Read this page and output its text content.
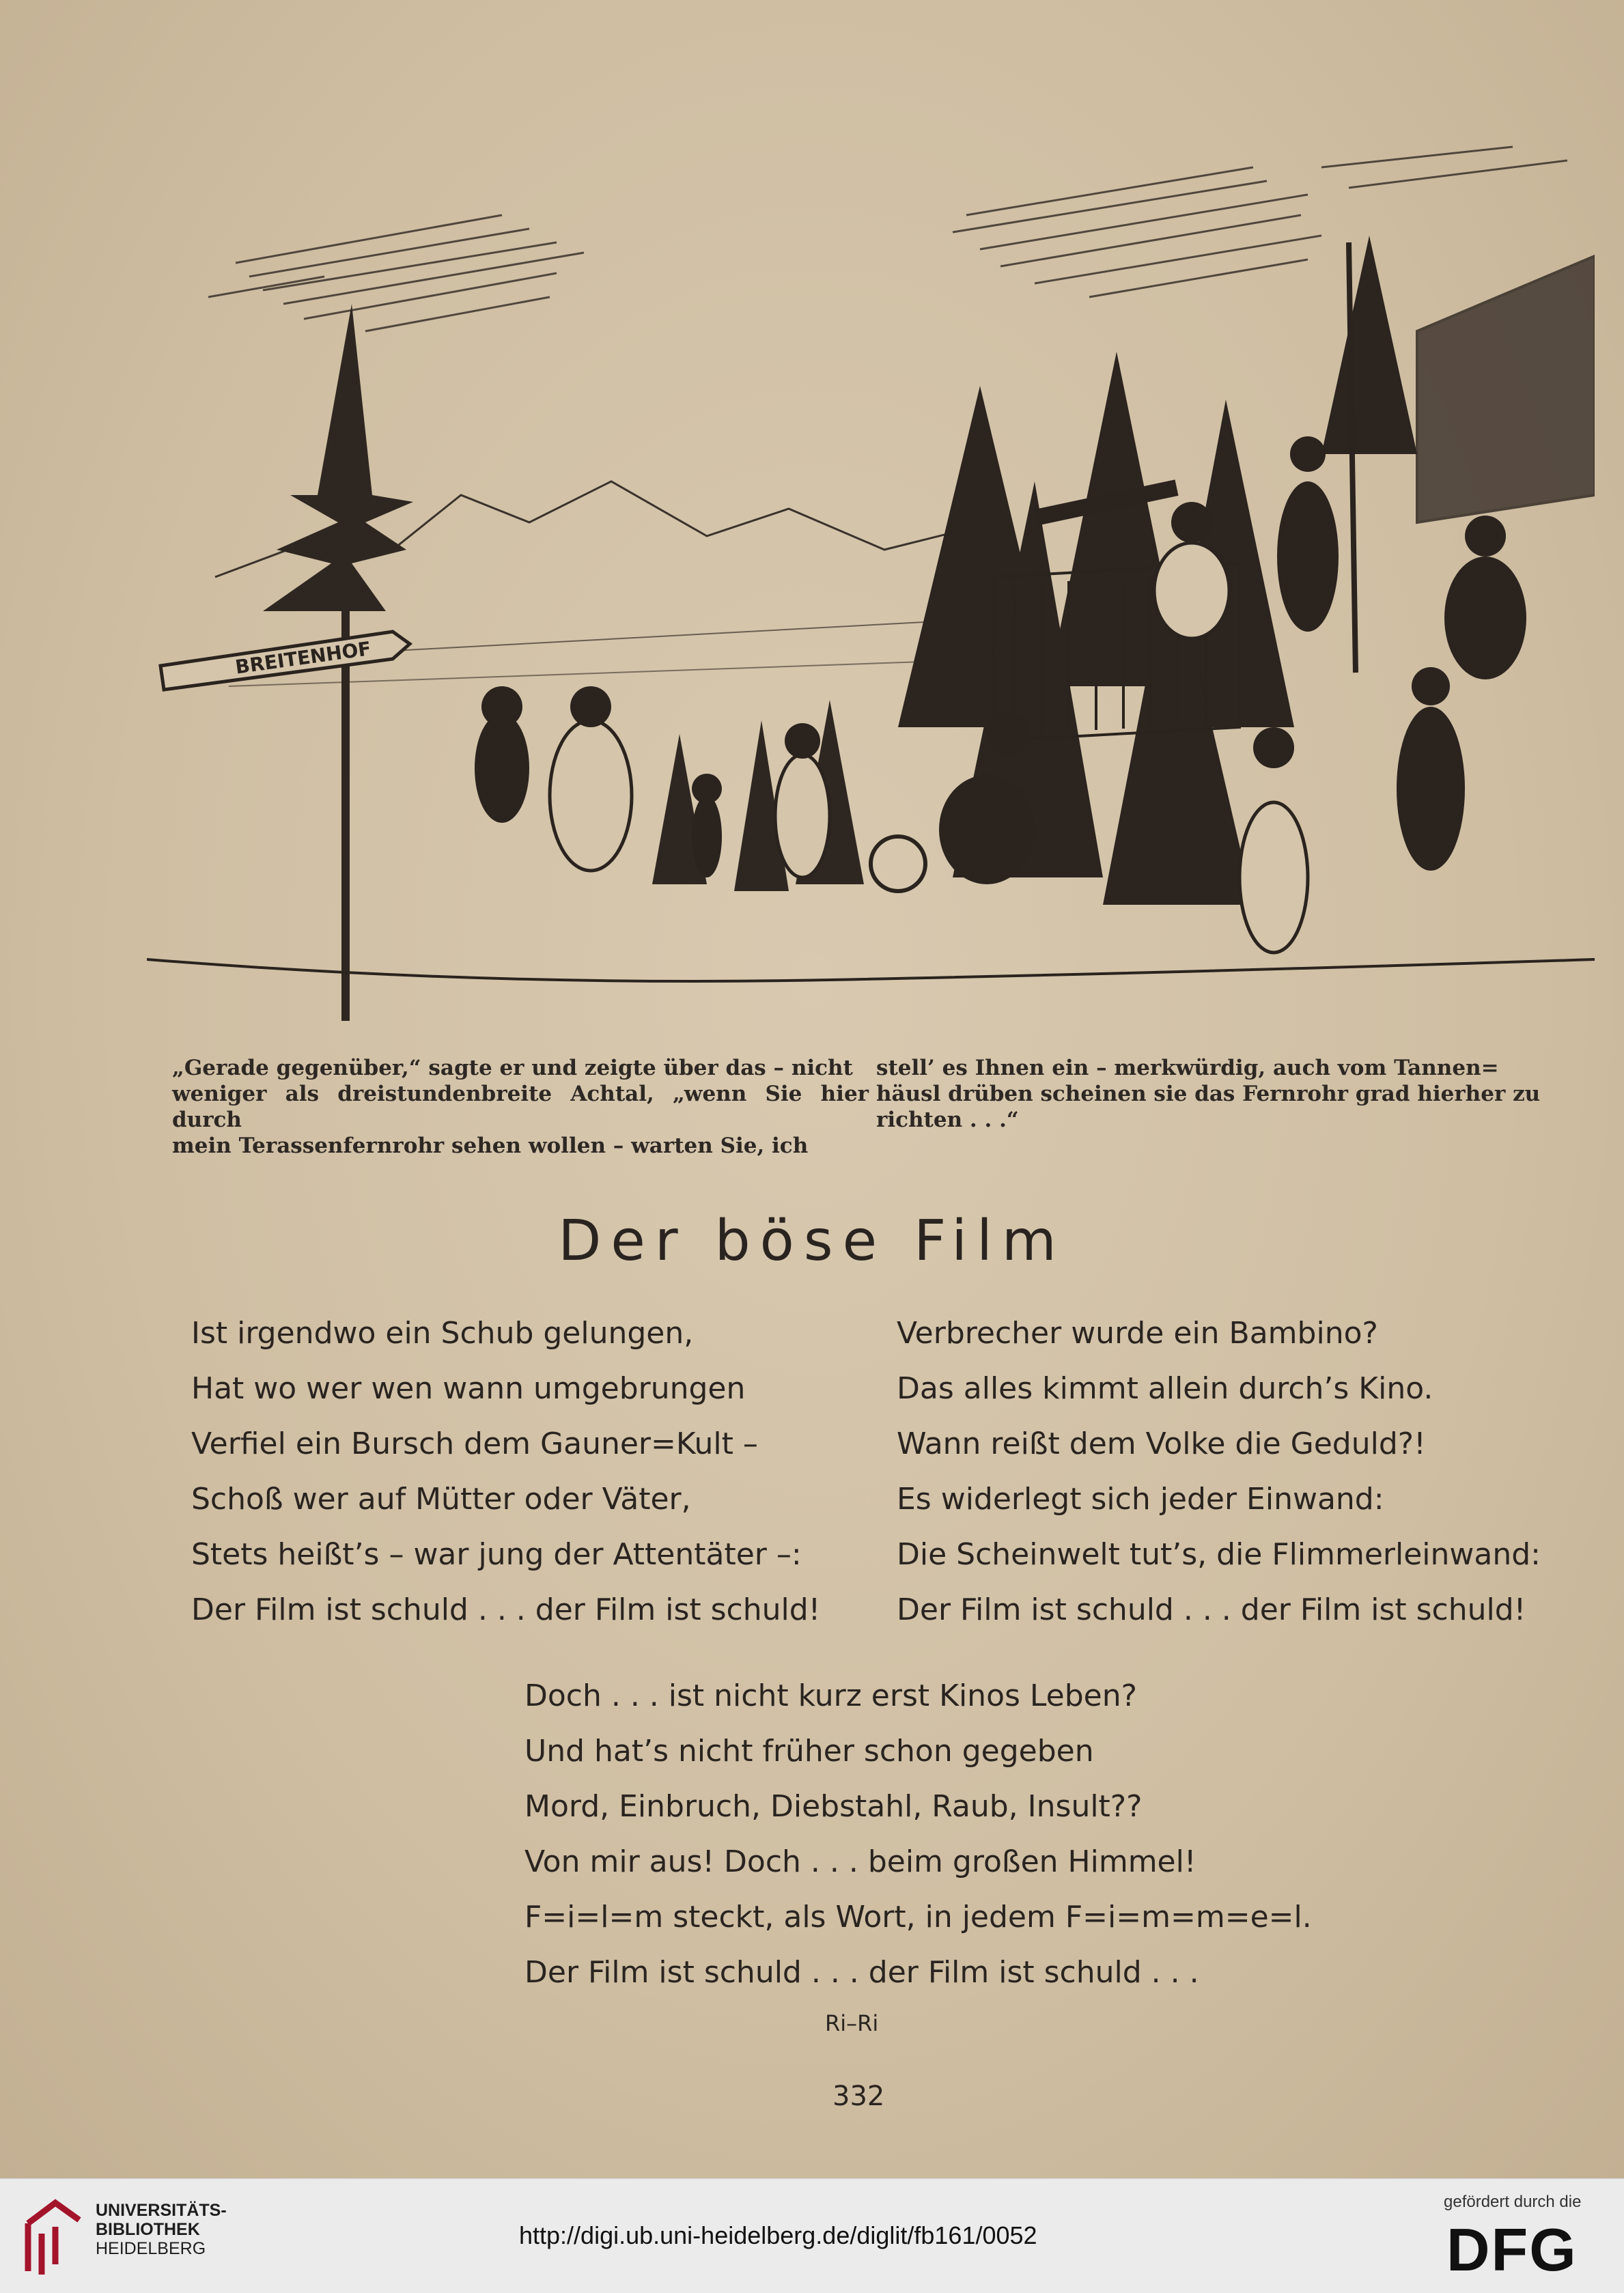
BREITENHOF

„Gerade gegenüber,“ sagte er und zeigte über das – nicht

weniger als dreistundenbreite Achtal, „wenn Sie hier durch

mein Terassenfernrohr sehen wollen – warten Sie, ich

stell’ es Ihnen ein – merkwürdig, auch vom Tannen=

häusl drüben scheinen sie das Fernrohr grad hierher zu

richten . . .“

Der böse Film
Ist irgendwo ein Schub gelungen,
Hat wo wer wen wann umgebrungen
Verfiel ein Bursch dem Gauner=Kult –
Schoß wer auf Mütter oder Väter,
Stets heißt’s – war jung der Attentäter –:
Der Film ist schuld . . . der Film ist schuld!
Verbrecher wurde ein Bambino?
Das alles kimmt allein durch’s Kino.
Wann reißt dem Volke die Geduld?!
Es widerlegt sich jeder Einwand:
Die Scheinwelt tut’s, die Flimmerleinwand:
Der Film ist schuld . . . der Film ist schuld!
Doch . . . ist nicht kurz erst Kinos Leben?
Und hat’s nicht früher schon gegeben
Mord, Einbruch, Diebstahl, Raub, Insult??
Von mir aus! Doch . . . beim großen Himmel!
F=i=l=m steckt, als Wort, in jedem F=i=m=m=e=l.
Der Film ist schuld . . . der Film ist schuld . . .
Ri–Ri
332
UNIVERSITÄTS-
BIBLIOTHEK
HEIDELBERG	http://digi.ub.uni-heidelberg.de/diglit/fb161/0052
gefördert durch die
DFG
